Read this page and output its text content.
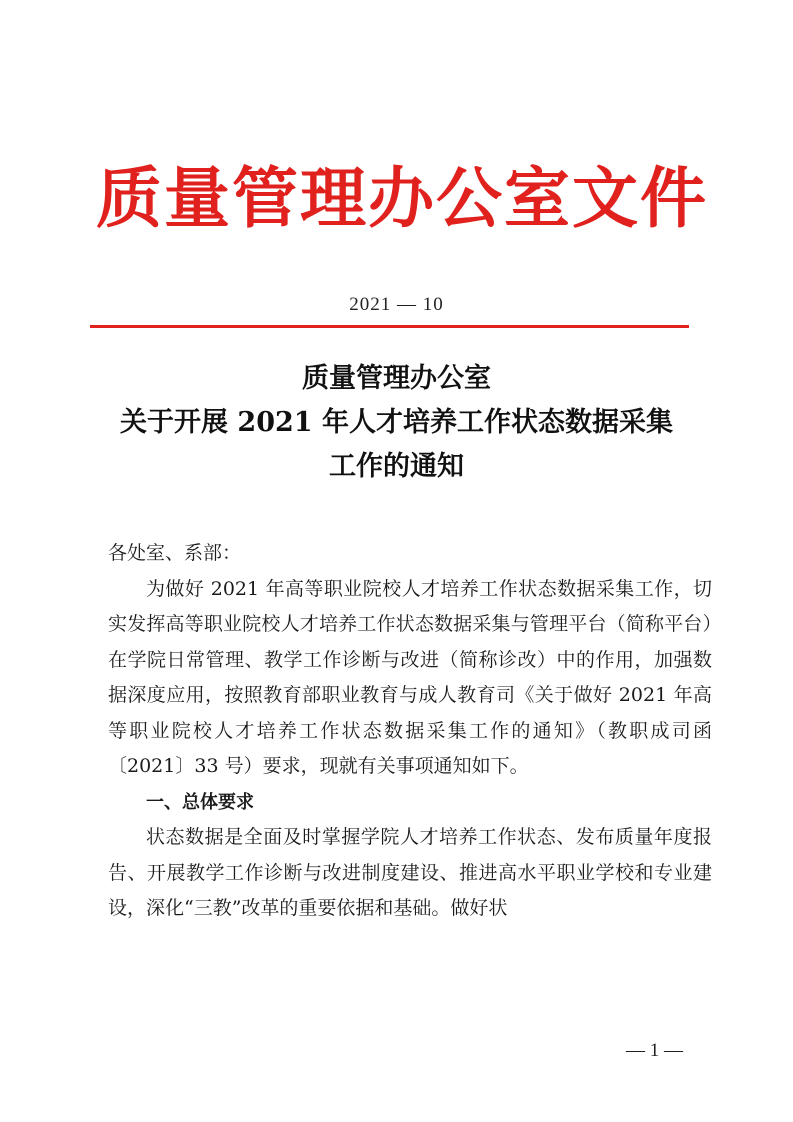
质 量 管 理 办 公 室 文 件
2021 — 10
质量管理办公室
关于开展 2021 年人才培养工作状态数据采集
工作的通知

各处室、系部：

为做好 2021 年高等职业院校人才培养工作状态数据采集工作，切实发挥高等职业院校人才培养工作状态数据采集与管理平台（简称平台）在学院日常管理、教学工作诊断与改进（简称诊改）中的作用，加强数据深度应用，按照教育部职业教育与成人教育司《关于做好 2021 年高等职业院校人才培养工作状态数据采集工作的通知》（教职成司函〔2021〕33 号）要求，现就有关事项通知如下。

一、总体要求

状态数据是全面及时掌握学院人才培养工作状态、发布质量年度报告、开展教学工作诊断与改进制度建设、推进高水平职业学校和专业建设，深化“三教”改革的重要依据和基础。做好状

— 1 —
